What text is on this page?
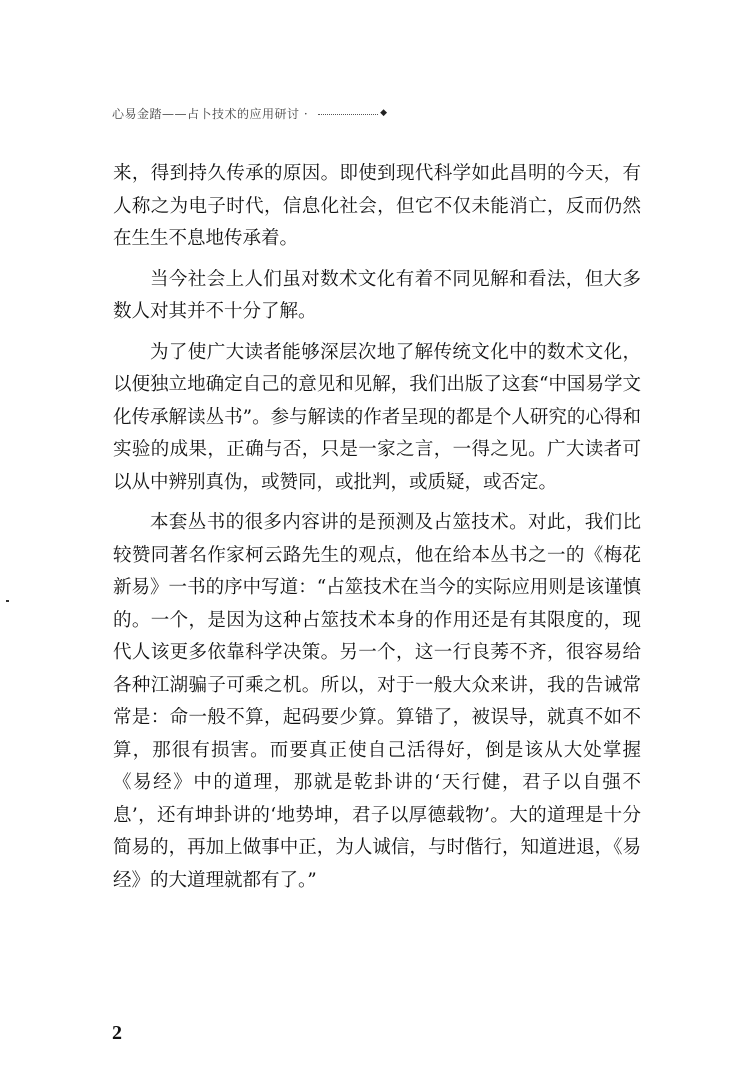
心易金踏——占卜技术的应用研讨 ·	◆

来，得到持久传承的原因。即使到现代科学如此昌明的今天，有人称之为电子时代，信息化社会，但它不仅未能消亡，反而仍然在生生不息地传承着。

当今社会上人们虽对数术文化有着不同见解和看法，但大多数人对其并不十分了解。

为了使广大读者能够深层次地了解传统文化中的数术文化，以便独立地确定自己的意见和见解，我们出版了这套“中国易学文化传承解读丛书”。参与解读的作者呈现的都是个人研究的心得和实验的成果，正确与否，只是一家之言，一得之见。广大读者可以从中辨别真伪，或赞同，或批判，或质疑，或否定。

本套丛书的很多内容讲的是预测及占筮技术。对此，我们比较赞同著名作家柯云路先生的观点，他在给本丛书之一的《梅花新易》一书的序中写道：“占筮技术在当今的实际应用则是该谨慎的。一个，是因为这种占筮技术本身的作用还是有其限度的，现代人该更多依靠科学决策。另一个，这一行良莠不齐，很容易给各种江湖骗子可乘之机。所以，对于一般大众来讲，我的告诫常常是：命一般不算，起码要少算。算错了，被误导，就真不如不算，那很有损害。而要真正使自己活得好，倒是该从大处掌握《易经》中的道理，那就是乾卦讲的‘天行健，君子以自强不息’，还有坤卦讲的‘地势坤，君子以厚德载物’。大的道理是十分简易的，再加上做事中正，为人诚信，与时偕行，知道进退，《易经》的大道理就都有了。”

2
